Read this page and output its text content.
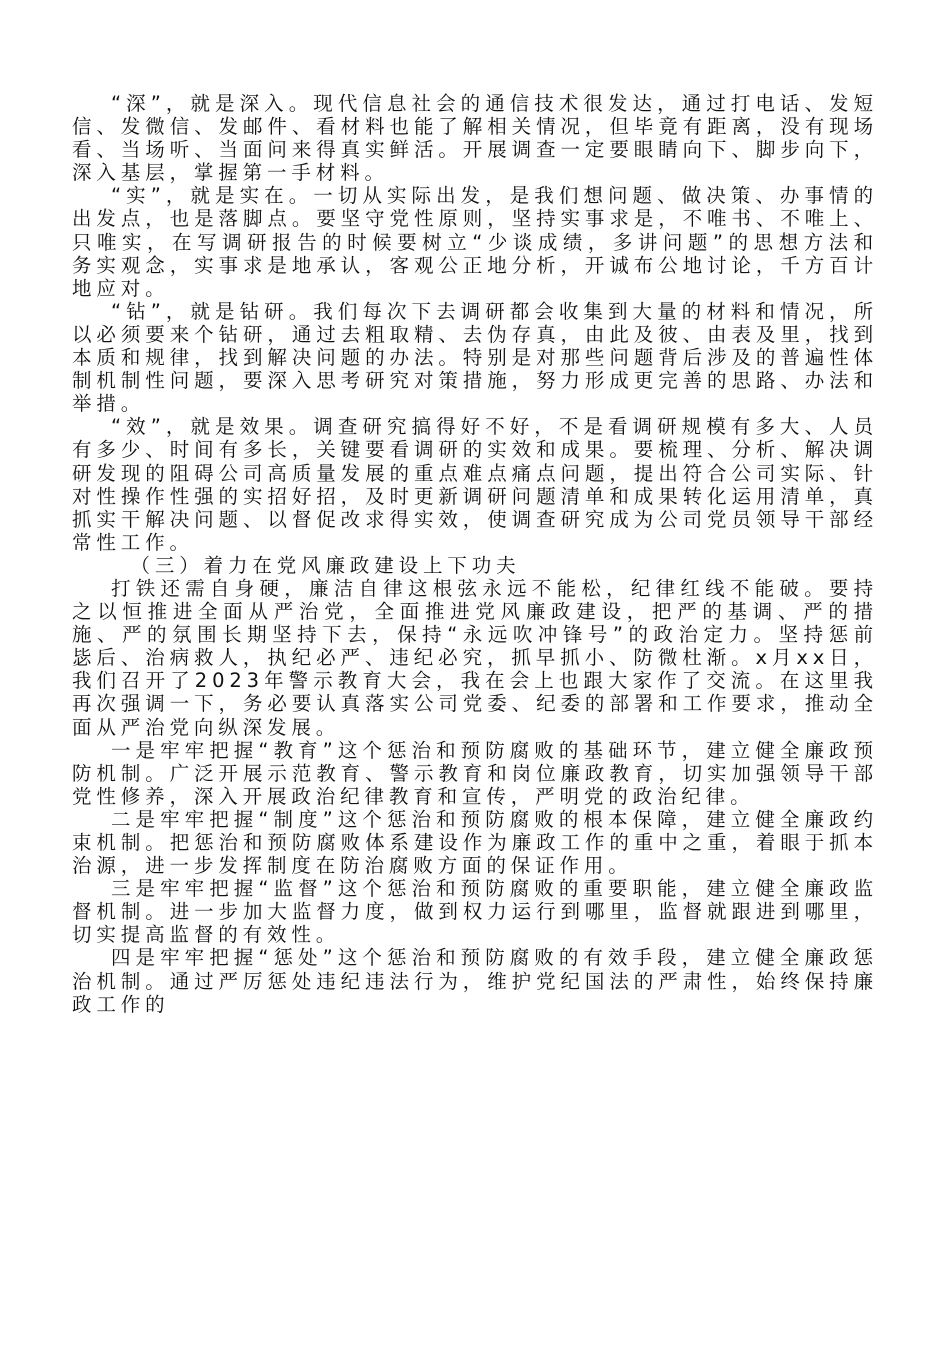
“深”，就是深入。现代信息社会的通信技术很发达，通过打电话、发短信、发微信、发邮件、看材料也能了解相关情况，但毕竟有距离，没有现场看、当场听、当面问来得真实鲜活。开展调查一定要眼睛向下、脚步向下，深入基层，掌握第一手材料。

“实”，就是实在。一切从实际出发，是我们想问题、做决策、办事情的出发点，也是落脚点。要坚守党性原则，坚持实事求是，不唯书、不唯上、只唯实，在写调研报告的时候要树立“少谈成绩，多讲问题”的思想方法和务实观念，实事求是地承认，客观公正地分析，开诚布公地讨论，千方百计地应对。

“钻”，就是钻研。我们每次下去调研都会收集到大量的材料和情况，所以必须要来个钻研，通过去粗取精、去伪存真，由此及彼、由表及里，找到本质和规律，找到解决问题的办法。特别是对那些问题背后涉及的普遍性体制机制性问题，要深入思考研究对策措施，努力形成更完善的思路、办法和举措。

“效”，就是效果。调查研究搞得好不好，不是看调研规模有多大、人员有多少、时间有多长，关键要看调研的实效和成果。要梳理、分析、解决调研发现的阻碍公司高质量发展的重点难点痛点问题，提出符合公司实际、针对性操作性强的实招好招，及时更新调研问题清单和成果转化运用清单，真抓实干解决问题、以督促改求得实效，使调查研究成为公司党员领导干部经常性工作。

（三）着力在党风廉政建设上下功夫

打铁还需自身硬，廉洁自律这根弦永远不能松，纪律红线不能破。要持之以恒推进全面从严治党，全面推进党风廉政建设，把严的基调、严的措施、严的氛围长期坚持下去，保持“永远吹冲锋号”的政治定力。坚持惩前毖后、治病救人，执纪必严、违纪必究，抓早抓小、防微杜渐。x月xx日，我们召开了2023年警示教育大会，我在会上也跟大家作了交流。在这里我再次强调一下，务必要认真落实公司党委、纪委的部署和工作要求，推动全面从严治党向纵深发展。

一是牢牢把握“教育”这个惩治和预防腐败的基础环节，建立健全廉政预防机制。广泛开展示范教育、警示教育和岗位廉政教育，切实加强领导干部党性修养，深入开展政治纪律教育和宣传，严明党的政治纪律。

二是牢牢把握“制度”这个惩治和预防腐败的根本保障，建立健全廉政约束机制。把惩治和预防腐败体系建设作为廉政工作的重中之重，着眼于抓本治源，进一步发挥制度在防治腐败方面的保证作用。

三是牢牢把握“监督”这个惩治和预防腐败的重要职能，建立健全廉政监督机制。进一步加大监督力度，做到权力运行到哪里，监督就跟进到哪里，切实提高监督的有效性。

四是牢牢把握“惩处”这个惩治和预防腐败的有效手段，建立健全廉政惩治机制。通过严厉惩处违纪违法行为，维护党纪国法的严肃性，始终保持廉政工作的
